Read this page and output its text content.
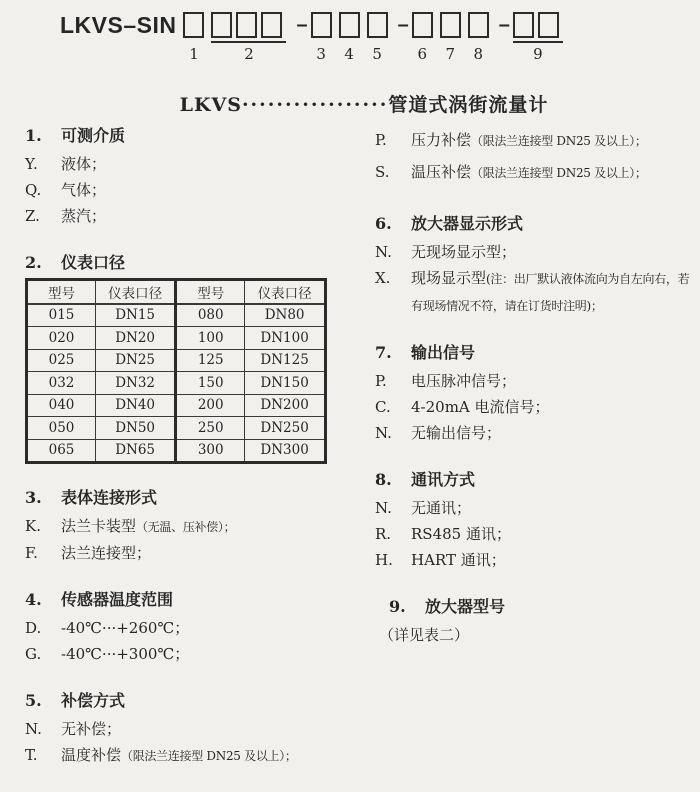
LKVS – SIN
1	2
–
3 4 5
–
6 7 8
–
9
LKVS·················管道式涡街流量计
1.	可测介质
Y.	液体；
Q.	气体；
Z.	蒸汽；
2.	仪表口径
型号	仪表口径	型号	仪表口径
015	DN15	080	DN80
020	DN20	100	DN100
025	DN25	125	DN125
032	DN32	150	DN150
040	DN40	200	DN200
050	DN50	250	DN250
065	DN65	300	DN300
3.	表体连接形式
K.	法兰卡装型（无温、压补偿）；
F.	法兰连接型；
4.	传感器温度范围
D.	-40℃···+260℃；
G.	-40℃···+300℃；
5.	补偿方式
N.	无补偿；
T.	温度补偿（限法兰连接型 DN25 及以上）；
P.	压力补偿（限法兰连接型 DN25 及以上）；
S.	温压补偿（限法兰连接型 DN25 及以上）；
6.	放大器显示形式
N.	无现场显示型；
X.	现场显示型(注：出厂默认液体流向为自左向右，若有现场情况不符，请在订货时注明)；
7.	输出信号
P.	电压脉冲信号；
C.	4-20mA 电流信号；
N.	无输出信号；
8.	通讯方式
N.	无通讯；
R.	RS485 通讯；
H.	HART 通讯；
9.	放大器型号
（详见表二）
